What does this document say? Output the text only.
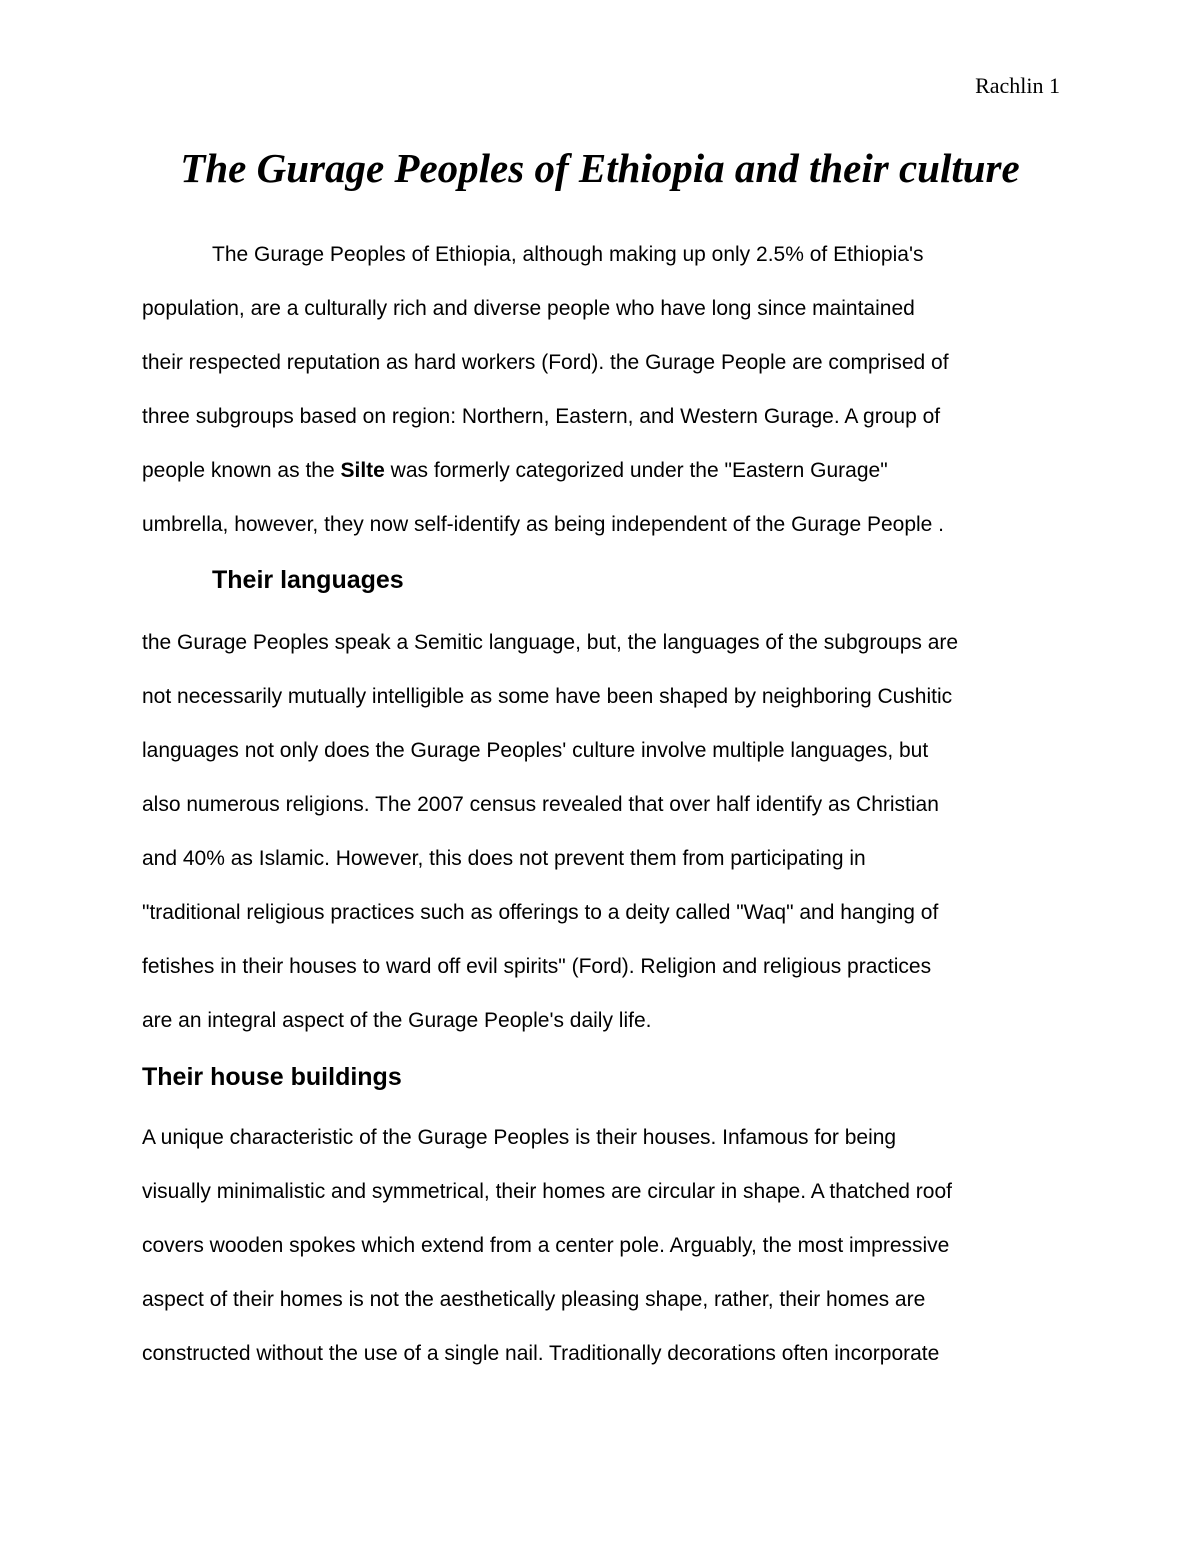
Rachlin 1
The Gurage Peoples of Ethiopia and their culture
The Gurage Peoples of Ethiopia, although making up only 2.5% of Ethiopia's
population, are a culturally rich and diverse people who have long since maintained
their respected reputation as hard workers (Ford). the Gurage People are comprised of
three subgroups based on region: Northern, Eastern, and Western Gurage. A group of
people known as the Silte was formerly categorized under the "Eastern Gurage"
umbrella, however, they now self-identify as being independent of the Gurage People .
Their languages
the Gurage Peoples speak a Semitic language, but, the languages of the subgroups are
not necessarily mutually intelligible as some have been shaped by neighboring Cushitic
languages not only does the Gurage Peoples' culture involve multiple languages, but
also numerous religions. The 2007 census revealed that over half identify as Christian
and 40% as Islamic. However, this does not prevent them from participating in
"traditional religious practices such as offerings to a deity called "Waq" and hanging of
fetishes in their houses to ward off evil spirits" (Ford). Religion and religious practices
are an integral aspect of the Gurage People's daily life.
Their house buildings
A unique characteristic of the Gurage Peoples is their houses. Infamous for being
visually minimalistic and symmetrical, their homes are circular in shape. A thatched roof
covers wooden spokes which extend from a center pole. Arguably, the most impressive
aspect of their homes is not the aesthetically pleasing shape, rather, their homes are
constructed without the use of a single nail. Traditionally decorations often incorporate
